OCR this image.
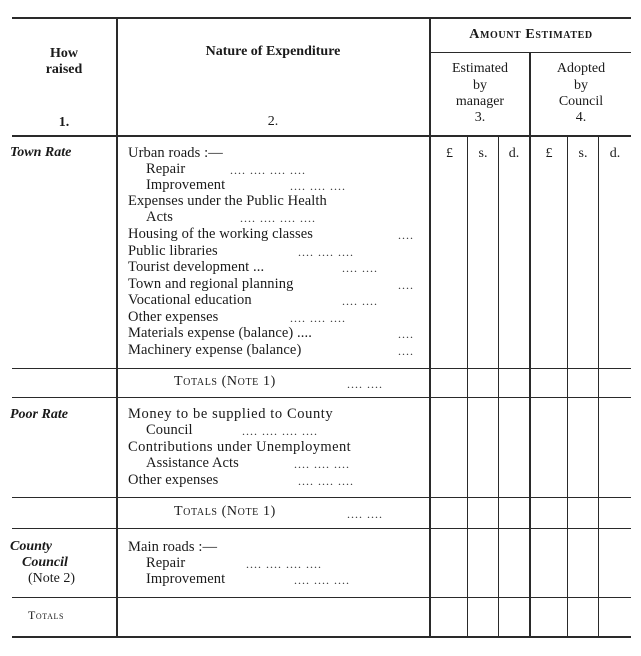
How
raised
1.
Nature of Expenditure
2.
Amount Estimated
Estimated
by
manager
3.
Adopted
by
Council
4.
£	s.	d.	£	s.	d.
Town Rate	Urban roads :—
Repair	.... .... .... ....
Improvement	.... .... ....
Expenses under the Public Health
Acts	.... .... .... ....
Housing of the working classes	....
Public libraries	.... .... ....
Tourist development ...	.... ....
Town and regional planning	....
Vocational education	.... ....
Other expenses	.... .... ....
Materials expense (balance) ....	....
Machinery expense (balance)	....
Totals (Note 1)	.... ....
Poor Rate	Money to be supplied to County
Council	.... .... .... ....
Contributions under Unemployment
Assistance Acts	.... .... ....
Other expenses	.... .... ....
Totals (Note 1)	.... ....
County
Council
(Note 2)
Main roads :—
Repair	.... .... .... ....
Improvement	.... .... ....
Totals
